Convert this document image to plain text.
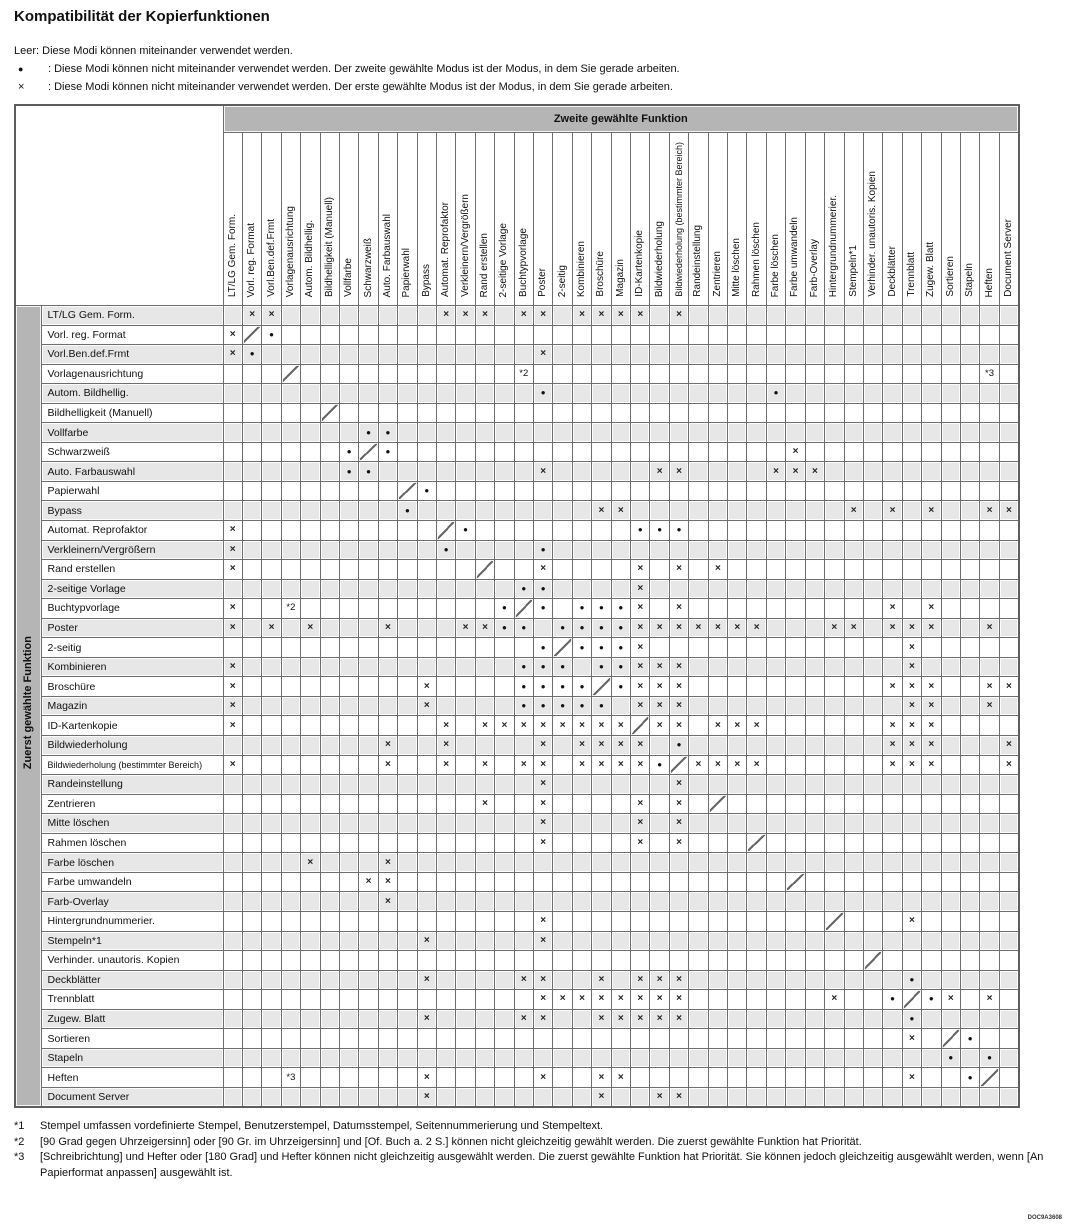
Kompatibilität der Kopierfunktionen
Leer: Diese Modi können miteinander verwendet werden.
●	: Diese Modi können nicht miteinander verwendet werden. Der zweite gewählte Modus ist der Modus, in dem Sie gerade arbeiten.
×	: Diese Modi können nicht miteinander verwendet werden. Der erste gewählte Modus ist der Modus, in dem Sie gerade arbeiten.
		Zweite gewählte Funktion																																								
		LT/LG Gem. Form.	Vorl. reg. Format	Vorl.Ben.def.Frmt	Vorlagenausrichtung	Autom. Bildhellig.	Bildhelligkeit (Manuell)	Vollfarbe	Schwarzweiß	Auto. Farbauswahl	Papierwahl	Bypass	Automat. Reprofaktor	Verkleinern/Vergrößern	Rand erstellen	2-seitige Vorlage	Buchtypvorlage	Poster	2-seitig	Kombinieren	Broschüre	Magazin	ID-Kartenkopie	Bildwiederholung	Bildwiederholung (bestimmter Bereich)	Randeinstellung	Zentrieren	Mitte löschen	Rahmen löschen	Farbe löschen	Farbe umwandeln	Farb-Overlay	Hintergrundnummerier.	Stempeln*1	Verhinder. unautoris. Kopien	Deckblätter	Trennblatt	Zugew. Blatt	Sortieren	Stapeln	Heften	Document Server
Zuerst gewählte Funktion	LT/LG Gem. Form.		×	×									×	×	×		×	×		×	×	×	×		×																	
	Vorl. reg. Format	×		●																																						
	Vorl.Ben.def.Frmt	×	●															×																								
	Vorlagenausrichtung																*2																								*3	
	Autom. Bildhellig.																	●												●												
	Bildhelligkeit (Manuell)																																									
	Vollfarbe								●	●																																
	Schwarzweiß							●		●																					×											
	Auto. Farbauswahl							●	●									×						×	×					×	×	×										
	Papierwahl											●																														
	Bypass										●										×	×												×		×		×			×	×
	Automat. Reprofaktor	×												●									●	●	●																	
	Verkleinern/Vergrößern	×											●					●																								
	Rand erstellen	×																×					×		×		×															
	2-seitige Vorlage																●	●					×																			
	Buchtypvorlage	×			*2											●		●		●	●	●	×		×											×		×				
	Poster	×		×		×				×				×	×	●	●		●	●	●	●	×	×	×	×	×	×	×				×	×		×	×	×			×	
	2-seitig																	●		●	●	●	×														×					
	Kombinieren	×															●	●	●		●	●	×	×	×												×					
	Broschüre	×										×					●	●	●	●		●	×	×	×											×	×	×			×	×
	Magazin	×										×					●	●	●	●	●		×	×	×												×	×			×	
	ID-Kartenkopie	×											×		×	×	×	×	×	×	×	×		×	×		×	×	×							×	×	×				
	Bildwiederholung									×			×					×		×	×	×	×		●											×	×	×				×
	Bildwiederholung (bestimmter Bereich)	×								×			×		×		×	×		×	×	×	×	●		×	×	×	×							×	×	×				×
	Randeinstellung																	×							×																	
	Zentrieren														×			×					×		×																	
	Mitte löschen																	×					×		×																	
	Rahmen löschen																	×					×		×																	
	Farbe löschen					×				×																																
	Farbe umwandeln								×	×																																
	Farb-Overlay									×																																
	Hintergrundnummerier.																	×																			×					
	Stempeln*1											×						×																								
	Verhinder. unautoris. Kopien																																									
	Deckblätter											×					×	×			×		×	×	×												●					
	Trennblatt																	×	×	×	×	×	×	×	×								×			●		●	×		×	
	Zugew. Blatt											×					×	×			×	×	×	×	×												●					
	Sortieren																																				×			●		
	Stapeln																																						●		●	
	Heften				*3							×						×			×	×															×			●		
	Document Server											×									×			×	×																	
*1	Stempel umfassen vordefinierte Stempel, Benutzerstempel, Datumsstempel, Seitennummerierung und Stempeltext.
*2	[90 Grad gegen Uhrzeigersinn] oder [90 Gr. im Uhrzeigersinn] und [Of. Buch a. 2 S.] können nicht gleichzeitig gewählt werden. Die zuerst gewählte Funktion hat Priorität.
*3	[Schreibrichtung] und Hefter oder [180 Grad] und Hefter können nicht gleichzeitig ausgewählt werden. Die zuerst gewählte Funktion hat Priorität. Sie können jedoch gleichzeitig ausgewählt werden, wenn [An Papierformat anpassen] ausgewählt ist.
DOC9A3608
